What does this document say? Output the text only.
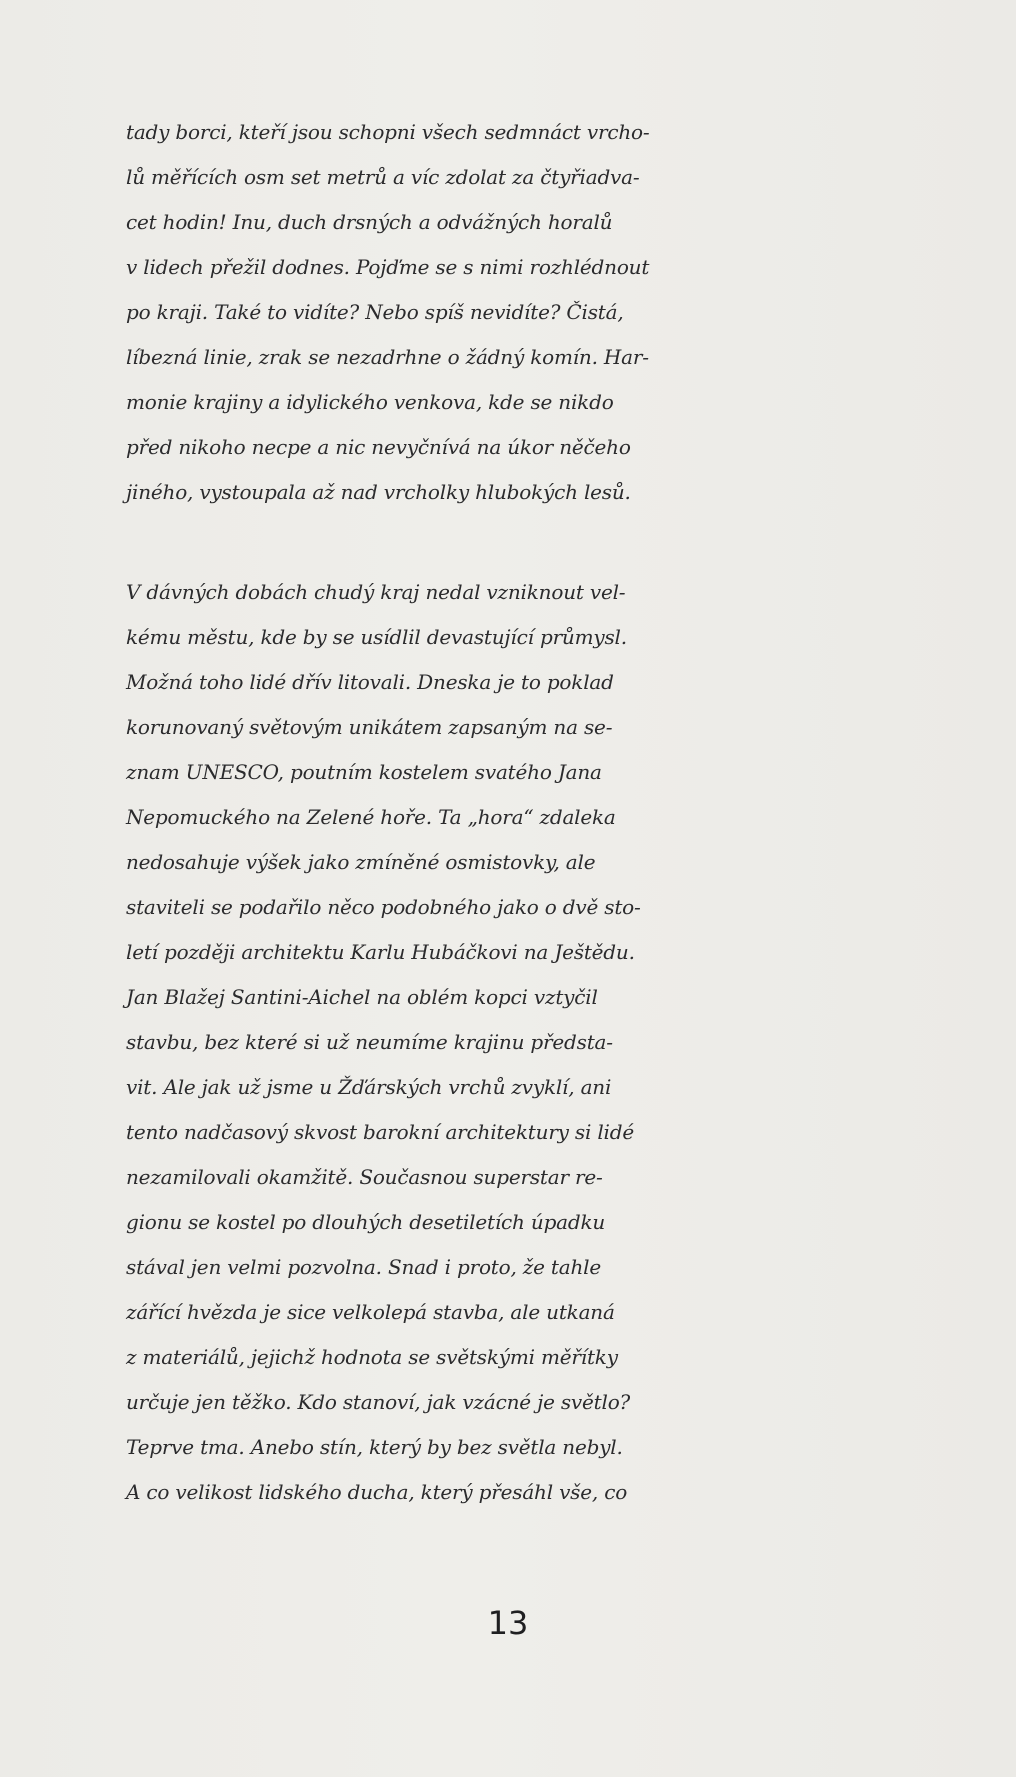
tady borci, kteří jsou schopni všech sedmnáct vrcho-
lů měřících osm set metrů a víc zdolat za čtyřiadva-
cet hodin! Inu, duch drsných a odvážných horalů
v lidech přežil dodnes. Pojďme se s nimi rozhlédnout
po kraji. Také to vidíte? Nebo spíš nevidíte? Čistá,
líbezná linie, zrak se nezadrhne o žádný komín. Har-
monie krajiny a idylického venkova, kde se nikdo
před nikoho necpe a nic nevyčnívá na úkor něčeho
jiného, vystoupala až nad vrcholky hlubokých lesů.
V dávných dobách chudý kraj nedal vzniknout vel-
kému městu, kde by se usídlil devastující průmysl.
Možná toho lidé dřív litovali. Dneska je to poklad
korunovaný světovým unikátem zapsaným na se-
znam UNESCO, poutním kostelem svatého Jana
Nepomuckého na Zelené hoře. Ta „hora“ zdaleka
nedosahuje výšek jako zmíněné osmistovky, ale
staviteli se podařilo něco podobného jako o dvě sto-
letí později architektu Karlu Hubáčkovi na Ještědu.
Jan Blažej Santini-Aichel na oblém kopci vztyčil
stavbu, bez které si už neumíme krajinu předsta-
vit. Ale jak už jsme u Žďárských vrchů zvyklí, ani
tento nadčasový skvost barokní architektury si lidé
nezamilovali okamžitě. Současnou superstar re-
gionu se kostel po dlouhých desetiletích úpadku
stával jen velmi pozvolna. Snad i proto, že tahle
zářící hvězda je sice velkolepá stavba, ale utkaná
z materiálů, jejichž hodnota se světskými měřítky
určuje jen těžko. Kdo stanoví, jak vzácné je světlo?
Teprve tma. Anebo stín, který by bez světla nebyl.
A co velikost lidského ducha, který přesáhl vše, co
13
